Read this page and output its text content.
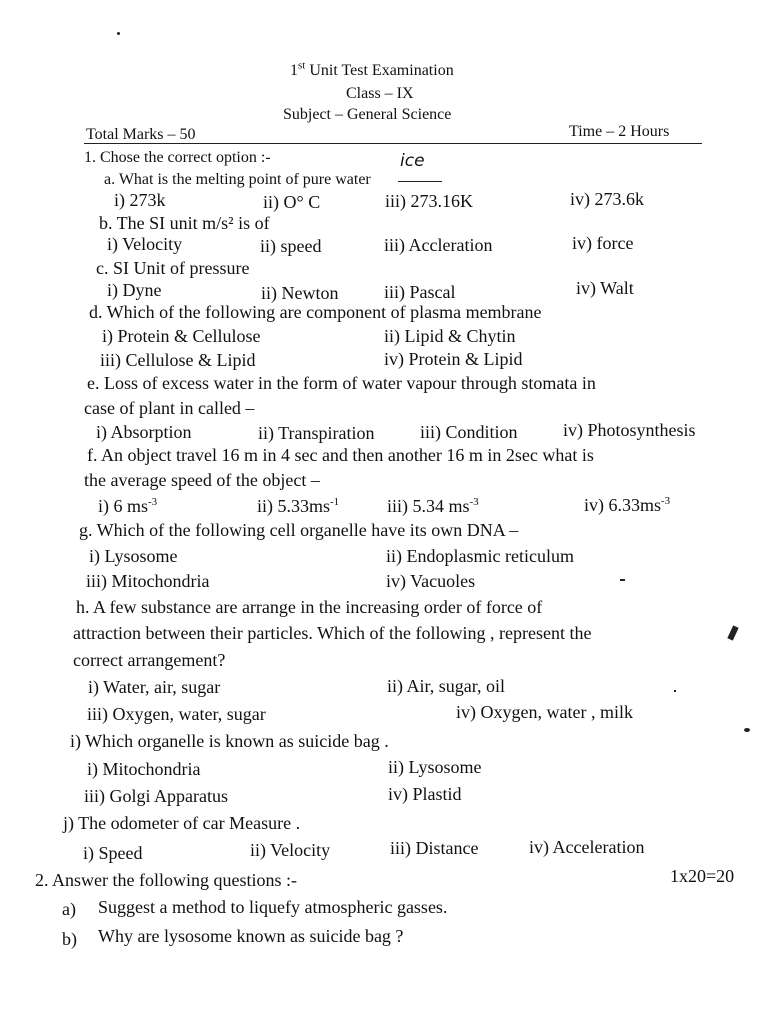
1st Unit Test Examination
Class – IX
Subject – General Science
Total Marks – 50	Time – 2 Hours
1. Chose the correct option :-	ice
a. What is the melting point of pure water
i) 273k	ii) O° C	iii) 273.16K	iv) 273.6k
b. The SI unit m/s² is of
i) Velocity	ii) speed	iii) Accleration	iv) force
c. SI Unit of pressure
i) Dyne	ii) Newton	iii) Pascal	iv) Walt
d. Which of the following are component of plasma membrane
i) Protein & Cellulose	ii) Lipid & Chytin
iii) Cellulose & Lipid	iv) Protein & Lipid
e. Loss of excess water in the form of water vapour through stomata in
case of plant in called –
i) Absorption	ii) Transpiration	iii) Condition	iv) Photosynthesis
f. An object travel 16 m in 4 sec and then another 16 m in 2sec what is
the average speed of the object –
i) 6 $ms^{-3}$	ii) $5.33ms^{-1}$	iii) 5.34 $ms^{-3}$	iv) $6.33ms^{-3}$
g. Which of the following cell organelle have its own DNA –
i) Lysosome	ii) Endoplasmic reticulum
iii) Mitochondria	iv) Vacuoles
h. A few substance are arrange in the increasing order of force of
attraction between their particles. Which of the following , represent the
correct arrangement?
i) Water, air, sugar	ii) Air, sugar, oil
iii) Oxygen, water, sugar	iv) Oxygen, water , milk
i) Which organelle is known as suicide bag .
i) Mitochondria	ii) Lysosome
iii) Golgi Apparatus	iv) Plastid
j) The odometer of car Measure .
i) Speed	ii) Velocity	iii) Distance	iv) Acceleration
2. Answer the following questions :-	1x20=20
a) Suggest a method to liquefy atmospheric gasses.
b) Why are lysosome known as suicide bag ?
